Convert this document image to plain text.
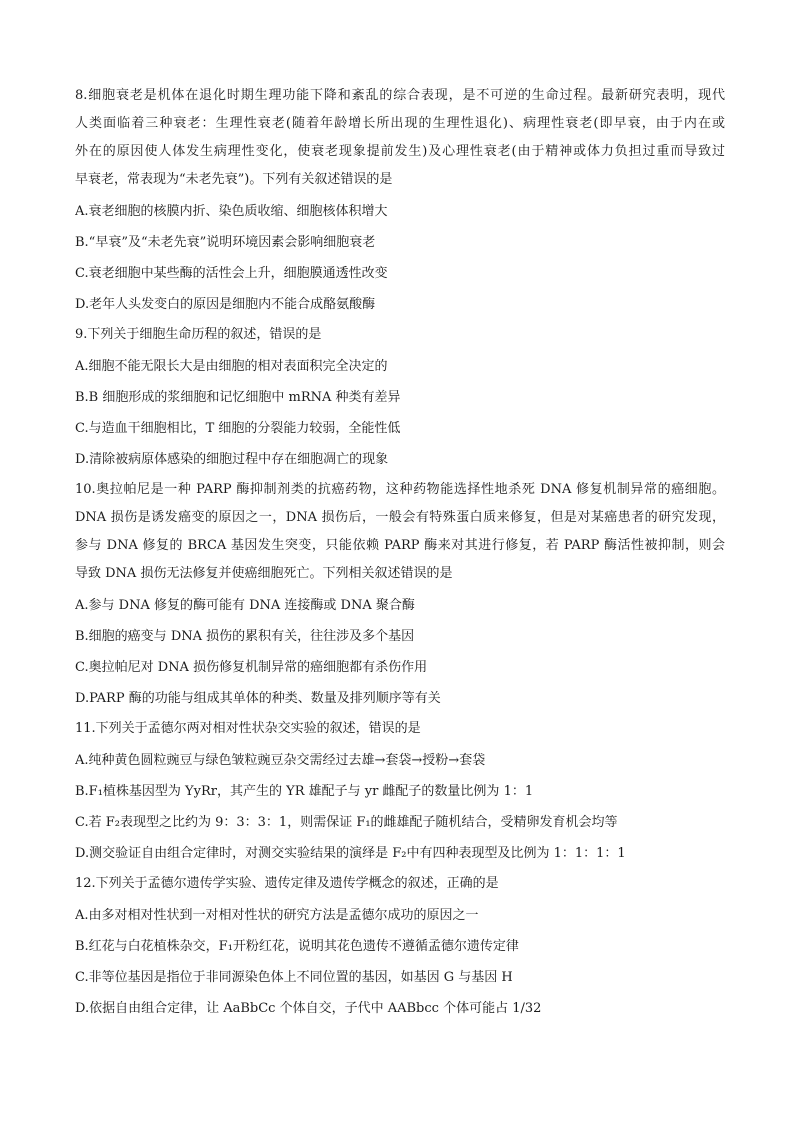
8.细胞衰老是机体在退化时期生理功能下降和紊乱的综合表现，是不可逆的生命过程。最新研究表明，现代

人类面临着三种衰老：生理性衰老(随着年龄增长所出现的生理性退化)、病理性衰老(即早衰，由于内在或

外在的原因使人体发生病理性变化，使衰老现象提前发生)及心理性衰老(由于精神或体力负担过重而导致过

早衰老，常表现为“未老先衰”)。下列有关叙述错误的是

A.衰老细胞的核膜内折、染色质收缩、细胞核体积增大
B.“早衰”及“未老先衰”说明环境因素会影响细胞衰老
C.衰老细胞中某些酶的活性会上升，细胞膜通透性改变
D.老年人头发变白的原因是细胞内不能合成酪氨酸酶

9.下列关于细胞生命历程的叙述，错误的是

A.细胞不能无限长大是由细胞的相对表面积完全决定的
B.B 细胞形成的浆细胞和记忆细胞中 mRNA 种类有差异
C.与造血干细胞相比，T 细胞的分裂能力较弱，全能性低
D.清除被病原体感染的细胞过程中存在细胞凋亡的现象

10.奥拉帕尼是一种 PARP 酶抑制剂类的抗癌药物，这种药物能选择性地杀死 DNA 修复机制异常的癌细胞。

DNA 损伤是诱发癌变的原因之一，DNA 损伤后，一般会有特殊蛋白质来修复，但是对某癌患者的研究发现，

参与 DNA 修复的 BRCA 基因发生突变，只能依赖 PARP 酶来对其进行修复，若 PARP 酶活性被抑制，则会

导致 DNA 损伤无法修复并使癌细胞死亡。下列相关叙述错误的是

A.参与 DNA 修复的酶可能有 DNA 连接酶或 DNA 聚合酶
B.细胞的癌变与 DNA 损伤的累积有关，往往涉及多个基因
C.奥拉帕尼对 DNA 损伤修复机制异常的癌细胞都有杀伤作用
D.PARP 酶的功能与组成其单体的种类、数量及排列顺序等有关

11.下列关于孟德尔两对相对性状杂交实验的叙述，错误的是

A.纯种黄色圆粒豌豆与绿色皱粒豌豆杂交需经过去雄→套袋→授粉→套袋
B.F₁植株基因型为 YyRr，其产生的 YR 雄配子与 yr 雌配子的数量比例为 1：1
C.若 F₂表现型之比约为 9：3：3：1，则需保证 F₁的雌雄配子随机结合，受精卵发育机会均等
D.测交验证自由组合定律时，对测交实验结果的演绎是 F₂中有四种表现型及比例为 1：1：1：1

12.下列关于孟德尔遗传学实验、遗传定律及遗传学概念的叙述，正确的是

A.由多对相对性状到一对相对性状的研究方法是孟德尔成功的原因之一
B.红花与白花植株杂交，F₁开粉红花，说明其花色遗传不遵循孟德尔遗传定律
C.非等位基因是指位于非同源染色体上不同位置的基因，如基因 G 与基因 H
D.依据自由组合定律，让 AaBbCc 个体自交，子代中 AABbcc 个体可能占 1/32
